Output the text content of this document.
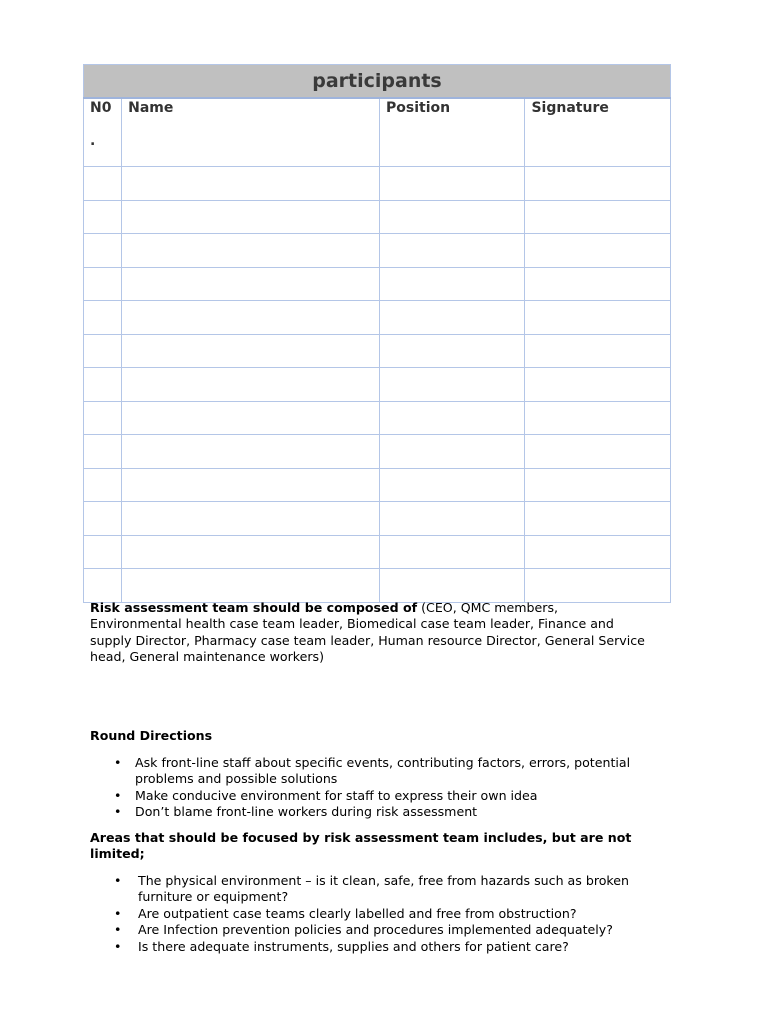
participants			

N0
.	Name	Position	Signature

Risk assessment team should be composed of (CEO, QMC members, Environmental health case team leader, Biomedical case team leader, Finance and supply Director, Pharmacy case team leader, Human resource Director, General Service head, General maintenance workers)
Round Directions
• Ask front-line staff about specific events, contributing factors, errors, potential problems and possible solutions
• Make conducive environment for staff to express their own idea
• Don’t blame front-line workers during risk assessment
Areas that should be focused by risk assessment team includes, but are not limited;
• The physical environment – is it clean, safe, free from hazards such as broken furniture or equipment?
• Are outpatient case teams clearly labelled and free from obstruction?
• Are Infection prevention policies and procedures implemented adequately?
• Is there adequate instruments, supplies and others for patient care?
